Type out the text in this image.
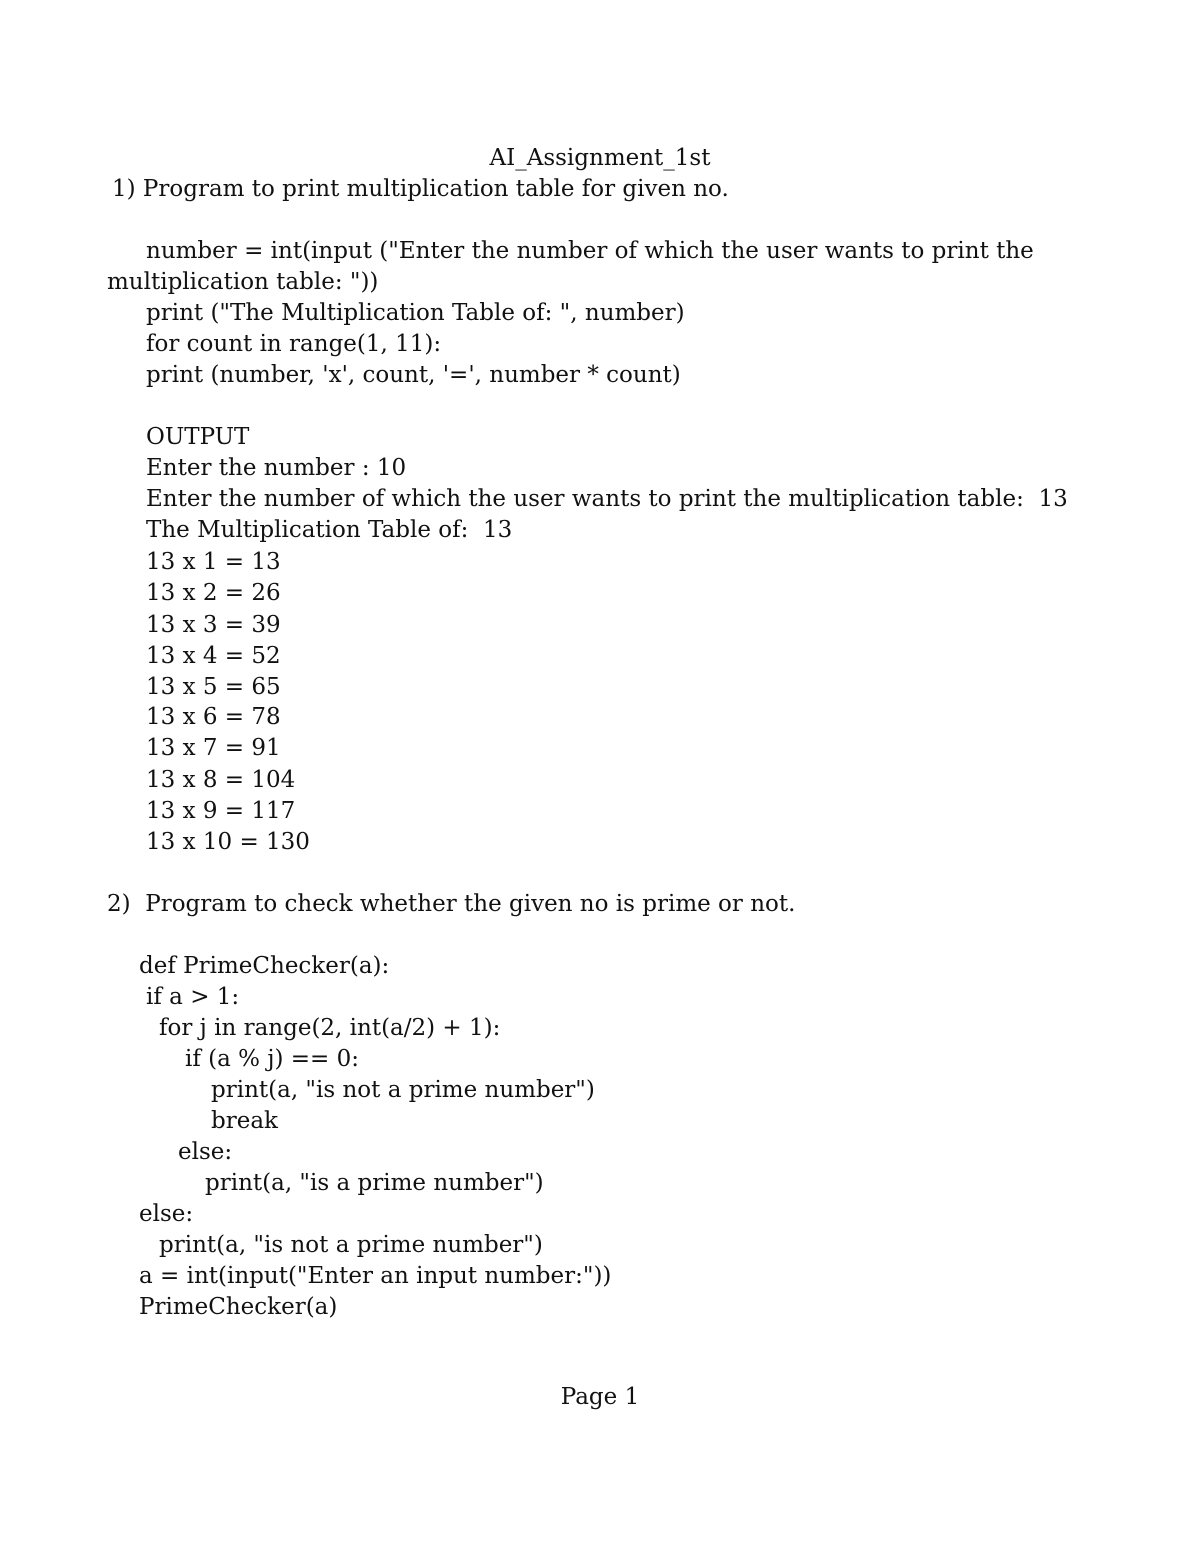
AI_Assignment_1st
1) Program to print multiplication table for given no.
number = int(input ("Enter the number of which the user wants to print the
multiplication table: "))
print ("The Multiplication Table of: ", number)
for count in range(1, 11):
print (number, 'x', count, '=', number * count)
OUTPUT
Enter the number : 10
Enter the number of which the user wants to print the multiplication table:  13
The Multiplication Table of:  13
13 x 1 = 13
13 x 2 = 26
13 x 3 = 39
13 x 4 = 52
13 x 5 = 65
13 x 6 = 78
13 x 7 = 91
13 x 8 = 104
13 x 9 = 117
13 x 10 = 130
2)  Program to check whether the given no is prime or not.
def PrimeChecker(a):
if a > 1:
for j in range(2, int(a/2) + 1):
if (a % j) == 0:
print(a, "is not a prime number")
break
else:
print(a, "is a prime number")
else:
print(a, "is not a prime number")
a = int(input("Enter an input number:"))
PrimeChecker(a)
Page 1
